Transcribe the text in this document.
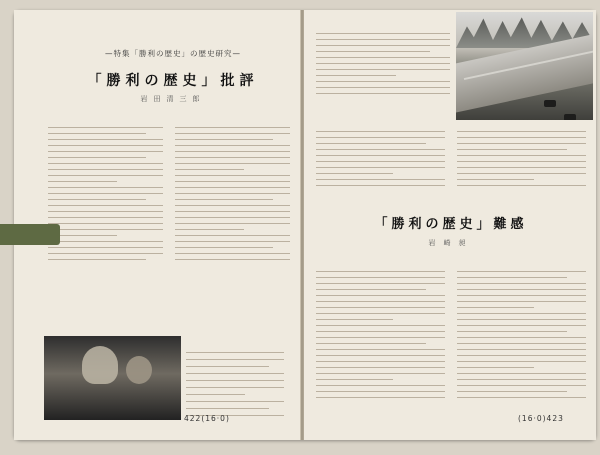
—特集「勝利の歴史」の歴史研究—
「勝利の歴史」批評
岩田清三郎
422(16·0)
「勝利の歴史」難感
岩崎昶
(16·0)423
